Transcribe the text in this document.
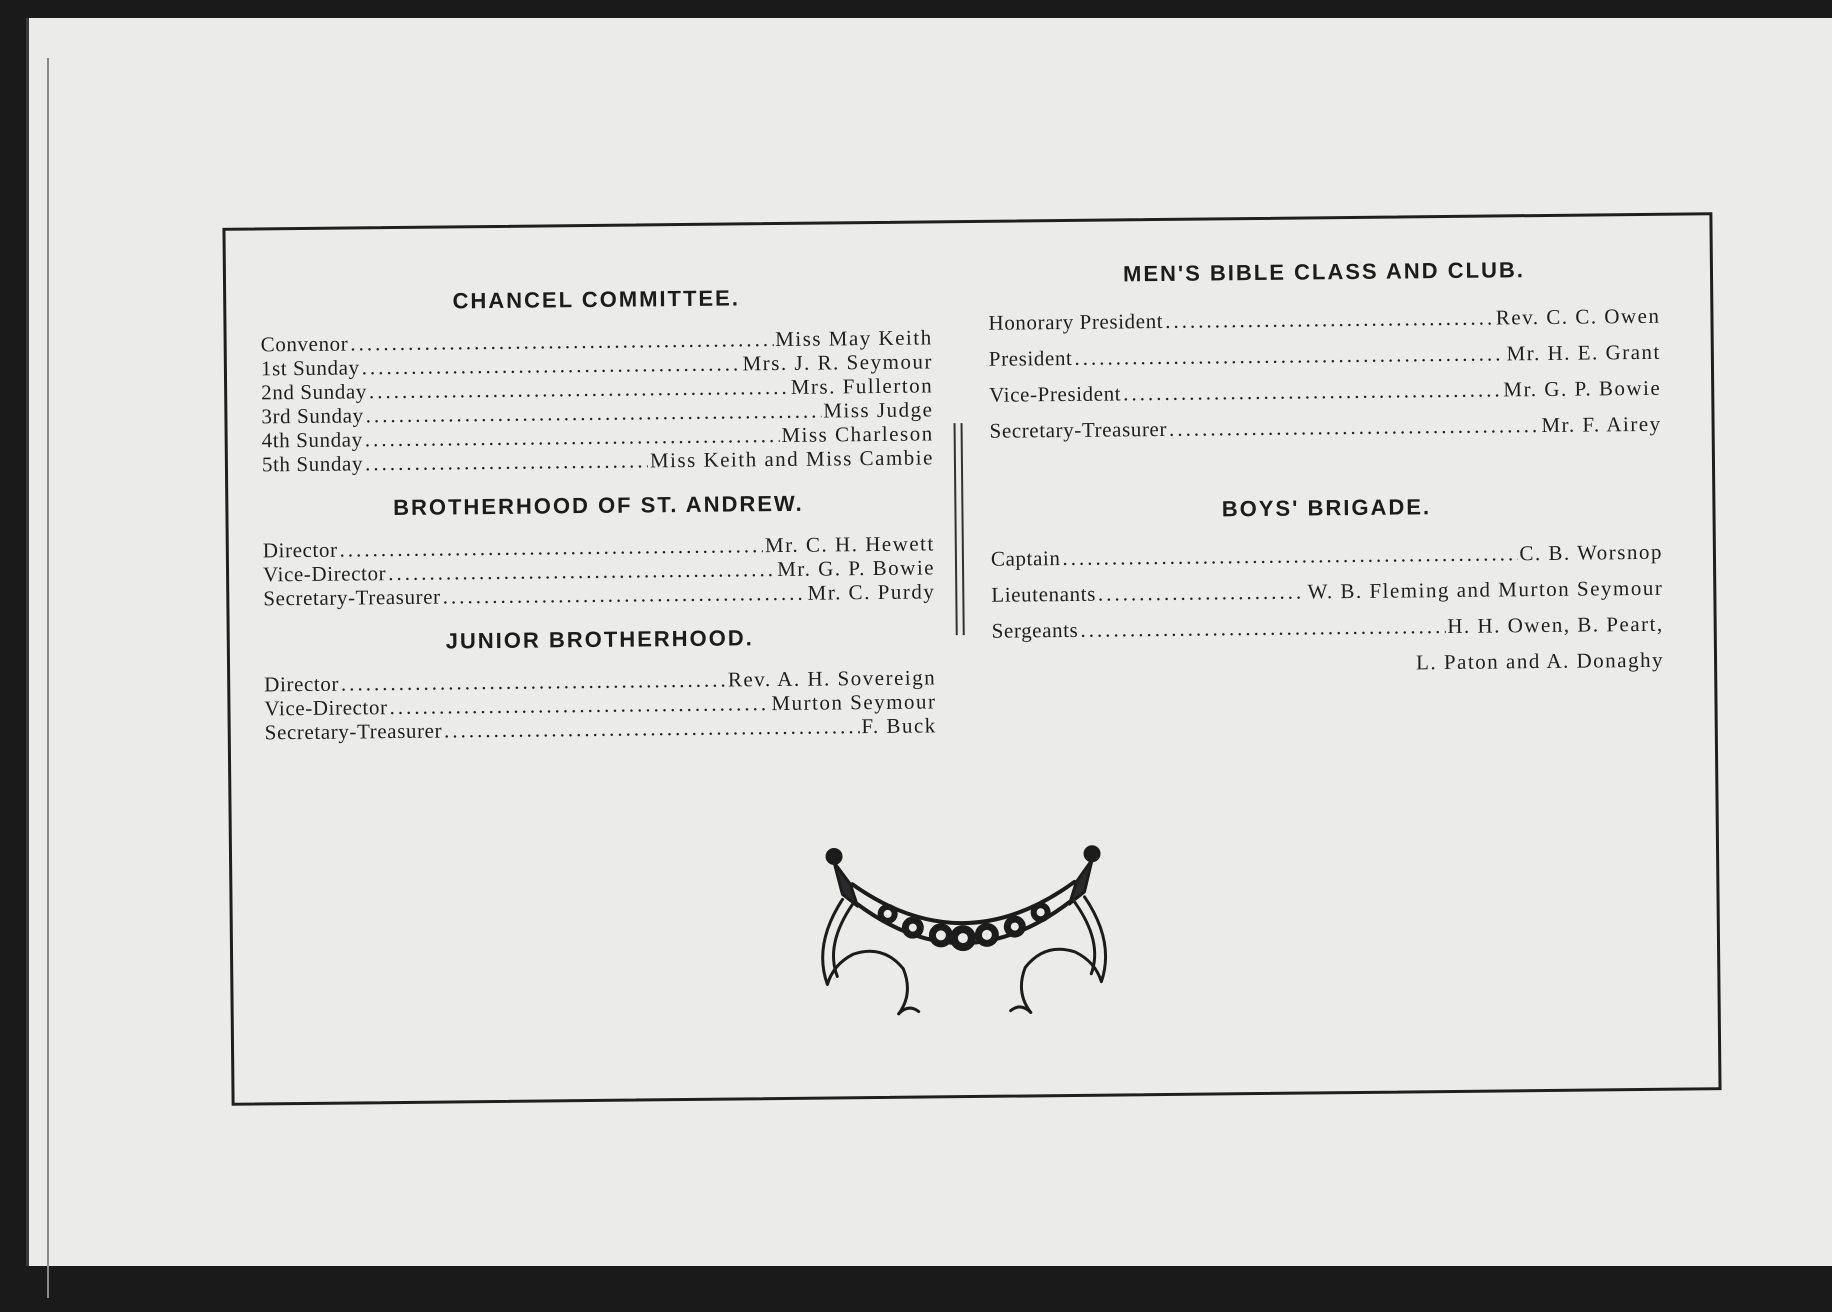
CHANCEL COMMITTEE.
Convenor .....	Miss May Keith
1st Sunday .....	Mrs. J. R. Seymour
2nd Sunday .....	Mrs. Fullerton
3rd Sunday .....	Miss Judge
4th Sunday .....	Miss Charleson
5th Sunday .....	Miss Keith and Miss Cambie
BROTHERHOOD OF ST. ANDREW.
Director .....	Mr. C. H. Hewett
Vice-Director .....	Mr. G. P. Bowie
Secretary-Treasurer .....	Mr. C. Purdy
JUNIOR BROTHERHOOD.
Director .....	Rev. A. H. Sovereign
Vice-Director .....	Murton Seymour
Secretary-Treasurer .....	F. Buck
MEN'S BIBLE CLASS AND CLUB.
Honorary President .....	Rev. C. C. Owen
President .....	Mr. H. E. Grant
Vice-President .....	Mr. G. P. Bowie
Secretary-Treasurer .....	Mr. F. Airey
BOYS' BRIGADE.
Captain .....	C. B. Worsnop
Lieutenants .....	W. B. Fleming and Murton Seymour
Sergeants .....	H. H. Owen, B. Peart,
L. Paton and A. Donaghy
